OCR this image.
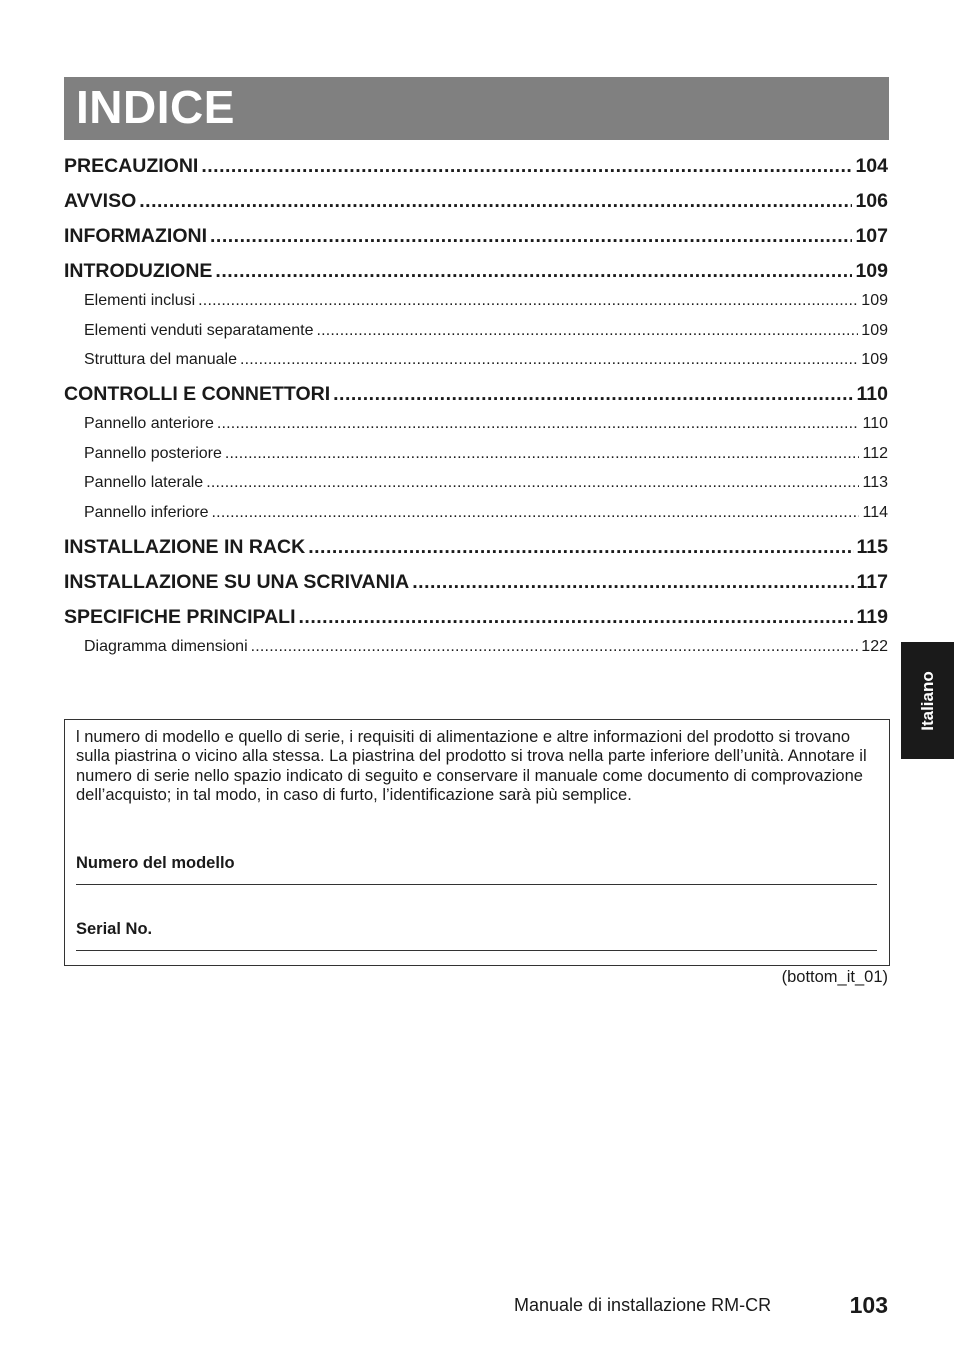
INDICE
PRECAUZIONI .....	104
AVVISO .....	106
INFORMAZIONI .....	107
INTRODUZIONE .....	109
Elementi inclusi .....	109
Elementi venduti separatamente .....	109
Struttura del manuale .....	109
CONTROLLI E CONNETTORI .....	110
Pannello anteriore .....	110
Pannello posteriore .....	112
Pannello laterale .....	113
Pannello inferiore .....	114
INSTALLAZIONE IN RACK .....	115
INSTALLAZIONE SU UNA SCRIVANIA .....	117
SPECIFICHE PRINCIPALI .....	119
Diagramma dimensioni .....	122

l numero di modello e quello di serie, i requisiti di alimentazione e altre informazioni del prodotto si trovano sulla piastrina o vicino alla stessa. La piastrina del prodotto si trova nella parte inferiore dell’unità. Annotare il numero di serie nello spazio indicato di seguito e conservare il manuale come documento di comprovazione dell’acquisto; in tal modo, in caso di furto, l’identificazione sarà più semplice.

Numero del modello
Serial No.
(bottom_it_01)
Italiano
Manuale di installazione RM-CR	103
